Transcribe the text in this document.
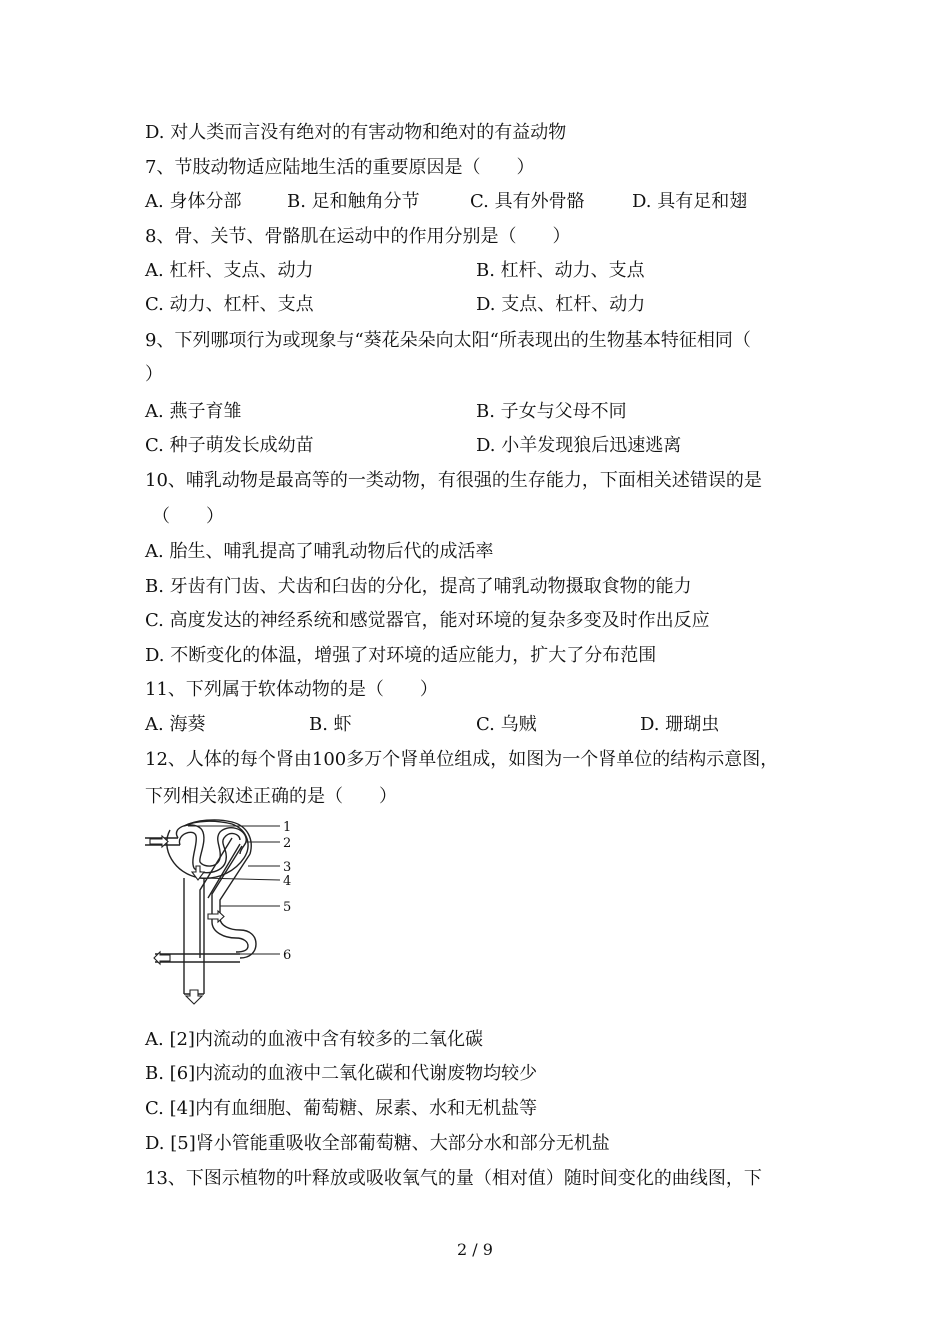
D. 对人类而言没有绝对的有害动物和绝对的有益动物
7、节肢动物适应陆地生活的重要原因是（　　）
A. 身体分部	B. 足和触角分节	C. 具有外骨骼	D. 具有足和翅
8、骨、关节、骨骼肌在运动中的作用分别是（　　）
A. 杠杆、支点、动力	B. 杠杆、动力、支点
C. 动力、杠杆、支点	D. 支点、杠杆、动力
9、下列哪项行为或现象与“葵花朵朵向太阳“所表现出的生物基本特征相同（
）
A. 燕子育雏	B. 子女与父母不同
C. 种子萌发长成幼苗	D. 小羊发现狼后迅速逃离
10、哺乳动物是最高等的一类动物，有很强的生存能力，下面相关述错误的是
（　　）
A. 胎生、哺乳提高了哺乳动物后代的成活率
B. 牙齿有门齿、犬齿和臼齿的分化，提高了哺乳动物摄取食物的能力
C. 高度发达的神经系统和感觉器官，能对环境的复杂多变及时作出反应
D. 不断变化的体温，增强了对环境的适应能力，扩大了分布范围
11、下列属于软体动物的是（　　）
A. 海葵	B. 虾	C. 乌贼	D. 珊瑚虫
12、人体的每个肾由100多万个肾单位组成，如图为一个肾单位的结构示意图，
下列相关叙述正确的是（　　）
1
2
3
4
5
6
A. [2]内流动的血液中含有较多的二氧化碳
B. [6]内流动的血液中二氧化碳和代谢废物均较少
C. [4]内有血细胞、葡萄糖、尿素、水和无机盐等
D. [5]肾小管能重吸收全部葡萄糖、大部分水和部分无机盐
13、下图示植物的叶释放或吸收氧气的量（相对值）随时间变化的曲线图，下
2 / 9
